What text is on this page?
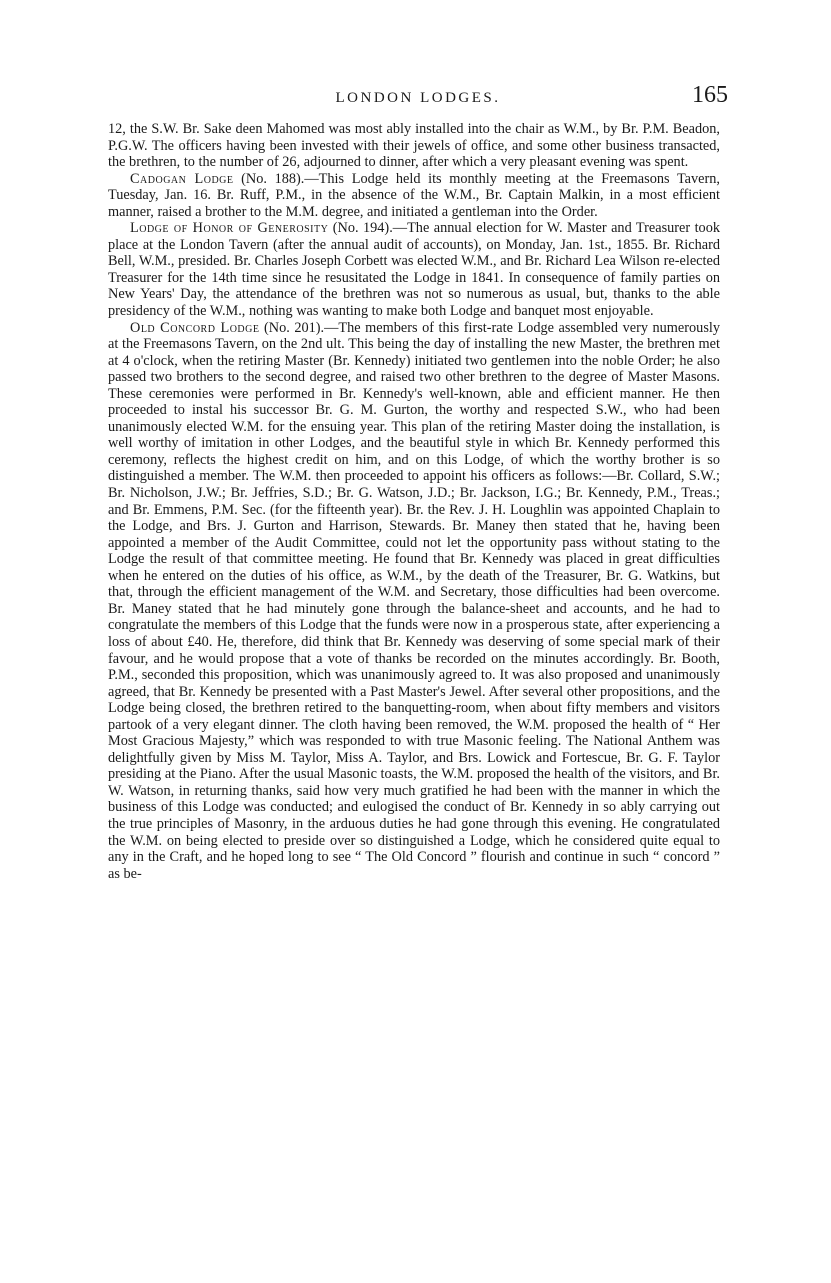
LONDON LODGES.	165

12, the S.W. Br. Sake deen Mahomed was most ably installed into the chair as W.M., by Br. P.M. Beadon, P.G.W. The officers having been invested with their jewels of office, and some other business transacted, the brethren, to the number of 26, adjourned to dinner, after which a very pleasant evening was spent.

Cadogan Lodge (No. 188).—This Lodge held its monthly meeting at the Freemasons Tavern, Tuesday, Jan. 16. Br. Ruff, P.M., in the absence of the W.M., Br. Captain Malkin, in a most efficient manner, raised a brother to the M.M. degree, and initiated a gentleman into the Order.

Lodge of Honor of Generosity (No. 194).—The annual election for W. Master and Treasurer took place at the London Tavern (after the annual audit of accounts), on Monday, Jan. 1st., 1855. Br. Richard Bell, W.M., presided. Br. Charles Joseph Corbett was elected W.M., and Br. Richard Lea Wilson re-elected Treasurer for the 14th time since he resusitated the Lodge in 1841. In consequence of family parties on New Years' Day, the attendance of the brethren was not so numerous as usual, but, thanks to the able presidency of the W.M., nothing was wanting to make both Lodge and banquet most enjoyable.

Old Concord Lodge (No. 201).—The members of this first-rate Lodge assembled very numerously at the Freemasons Tavern, on the 2nd ult. This being the day of installing the new Master, the brethren met at 4 o'clock, when the retiring Master (Br. Kennedy) initiated two gentlemen into the noble Order; he also passed two brothers to the second degree, and raised two other brethren to the degree of Master Masons. These ceremonies were performed in Br. Kennedy's well-known, able and efficient manner. He then proceeded to instal his successor Br. G. M. Gurton, the worthy and respected S.W., who had been unanimously elected W.M. for the ensuing year. This plan of the retiring Master doing the installation, is well worthy of imitation in other Lodges, and the beautiful style in which Br. Kennedy performed this ceremony, reflects the highest credit on him, and on this Lodge, of which the worthy brother is so distinguished a member. The W.M. then proceeded to appoint his officers as follows:—Br. Collard, S.W.; Br. Nicholson, J.W.; Br. Jeffries, S.D.; Br. G. Watson, J.D.; Br. Jackson, I.G.; Br. Kennedy, P.M., Treas.; and Br. Emmens, P.M. Sec. (for the fifteenth year). Br. the Rev. J. H. Loughlin was appointed Chaplain to the Lodge, and Brs. J. Gurton and Harrison, Stewards. Br. Maney then stated that he, having been appointed a member of the Audit Committee, could not let the opportunity pass without stating to the Lodge the result of that committee meeting. He found that Br. Kennedy was placed in great difficulties when he entered on the duties of his office, as W.M., by the death of the Treasurer, Br. G. Watkins, but that, through the efficient management of the W.M. and Secretary, those difficulties had been overcome. Br. Maney stated that he had minutely gone through the balance-sheet and accounts, and he had to congratulate the members of this Lodge that the funds were now in a prosperous state, after experiencing a loss of about £40. He, therefore, did think that Br. Kennedy was deserving of some special mark of their favour, and he would propose that a vote of thanks be recorded on the minutes accordingly. Br. Booth, P.M., seconded this proposition, which was unanimously agreed to. It was also proposed and unanimously agreed, that Br. Kennedy be presented with a Past Master's Jewel. After several other propositions, and the Lodge being closed, the brethren retired to the banquetting-room, when about fifty members and visitors partook of a very elegant dinner. The cloth having been removed, the W.M. proposed the health of “ Her Most Gracious Majesty,” which was responded to with true Masonic feeling. The National Anthem was delightfully given by Miss M. Taylor, Miss A. Taylor, and Brs. Lowick and Fortescue, Br. G. F. Taylor presiding at the Piano. After the usual Masonic toasts, the W.M. proposed the health of the visitors, and Br. W. Watson, in returning thanks, said how very much gratified he had been with the manner in which the business of this Lodge was conducted; and eulogised the conduct of Br. Kennedy in so ably carrying out the true principles of Masonry, in the arduous duties he had gone through this evening. He congratulated the W.M. on being elected to preside over so distinguished a Lodge, which he considered quite equal to any in the Craft, and he hoped long to see “ The Old Concord ” flourish and continue in such “ concord ” as be-
